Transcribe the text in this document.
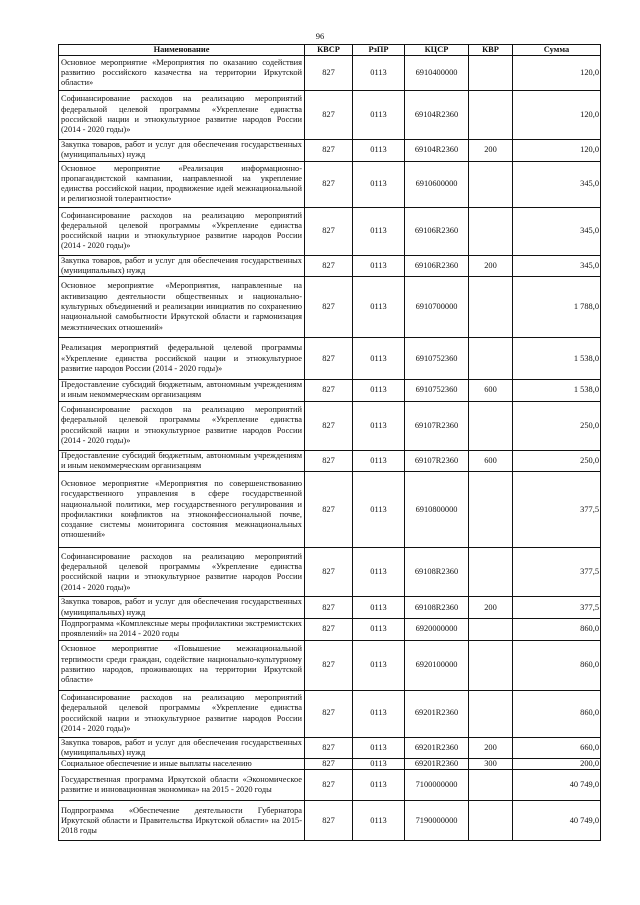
96
Наименование	КВСР	РзПР	КЦСР	КВР	Сумма
Основное мероприятие «Мероприятия по оказанию содействия развитию российского казачества на территории Иркутской области»	827	0113	6910400000		120,0
Софинансирование расходов на реализацию мероприятий федеральной целевой программы «Укрепление единства российской нации и этнокультурное развитие народов России (2014 - 2020 годы)»	827	0113	69104R2360		120,0
Закупка товаров, работ и услуг для обеспечения государственных (муниципальных) нужд	827	0113	69104R2360	200	120,0
Основное мероприятие «Реализация информационно-пропагандистской кампании, направленной на укрепление единства российской нации, продвижение идей межнациональной и религиозной толерантности»	827	0113	6910600000		345,0
Софинансирование расходов на реализацию мероприятий федеральной целевой программы «Укрепление единства российской нации и этнокультурное развитие народов России (2014 - 2020 годы)»	827	0113	69106R2360		345,0
Закупка товаров, работ и услуг для обеспечения государственных (муниципальных) нужд	827	0113	69106R2360	200	345,0
Основное мероприятие «Мероприятия, направленные на активизацию деятельности общественных и национально-культурных объединений и реализации инициатив по сохранению национальной самобытности Иркутской области и гармонизация межэтнических отношений»	827	0113	6910700000		1 788,0
Реализация мероприятий федеральной целевой программы «Укрепление единства российской нации и этнокультурное развитие народов России (2014 - 2020 годы)»	827	0113	6910752360		1 538,0
Предоставление субсидий бюджетным, автономным учреждениям и иным некоммерческим организациям	827	0113	6910752360	600	1 538,0
Софинансирование расходов на реализацию мероприятий федеральной целевой программы «Укрепление единства российской нации и этнокультурное развитие народов России (2014 - 2020 годы)»	827	0113	69107R2360		250,0
Предоставление субсидий бюджетным, автономным учреждениям и иным некоммерческим организациям	827	0113	69107R2360	600	250,0
Основное мероприятие «Мероприятия по совершенствованию государственного управления в сфере государственной национальной политики, мер государственного регулирования и профилактики конфликтов на этноконфессиональной почве, создание системы мониторинга состояния межнациональных отношений»	827	0113	6910800000		377,5
Софинансирование расходов на реализацию мероприятий федеральной целевой программы «Укрепление единства российской нации и этнокультурное развитие народов России (2014 - 2020 годы)»	827	0113	69108R2360		377,5
Закупка товаров, работ и услуг для обеспечения государственных (муниципальных) нужд	827	0113	69108R2360	200	377,5
Подпрограмма «Комплексные меры профилактики экстремистских проявлений» на 2014 - 2020 годы	827	0113	6920000000		860,0
Основное мероприятие «Повышение межнациональной терпимости среди граждан, содействие национально-культурному развитию народов, проживающих на территории Иркутской области»	827	0113	6920100000		860,0
Софинансирование расходов на реализацию мероприятий федеральной целевой программы «Укрепление единства российской нации и этнокультурное развитие народов России (2014 - 2020 годы)»	827	0113	69201R2360		860,0
Закупка товаров, работ и услуг для обеспечения государственных (муниципальных) нужд	827	0113	69201R2360	200	660,0
Социальное обеспечение и иные выплаты населению	827	0113	69201R2360	300	200,0
Государственная программа Иркутской области «Экономическое развитие и инновационная экономика» на 2015 - 2020 годы	827	0113	7100000000		40 749,0
Подпрограмма «Обеспечение деятельности Губернатора Иркутской области и Правительства Иркутской области» на 2015-2018 годы	827	0113	7190000000		40 749,0
